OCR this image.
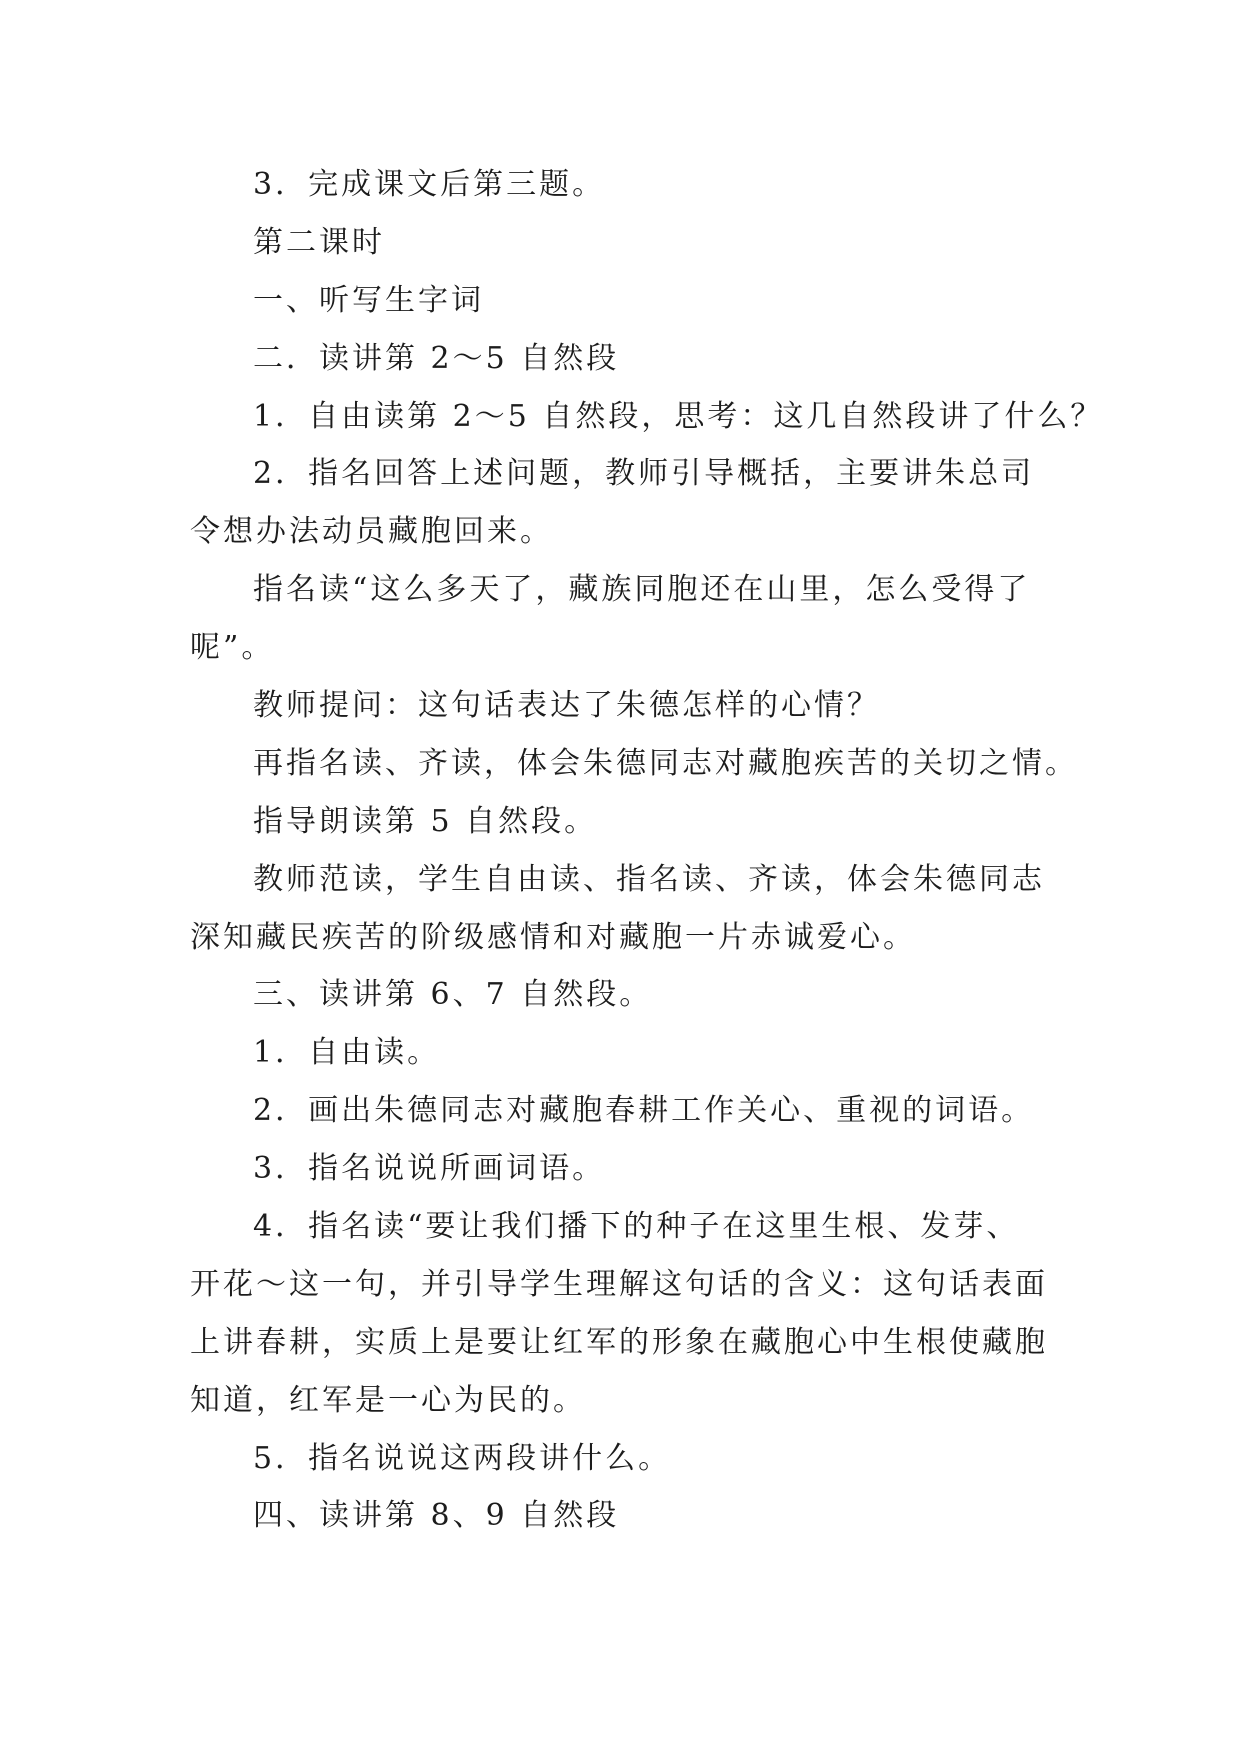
3．完成课文后第三题。
第二课时
一、听写生字词
二．读讲第 2～5 自然段
1．自由读第 2～5 自然段，思考：这几自然段讲了什么？
2．指名回答上述问题，教师引导概括，主要讲朱总司
令想办法动员藏胞回来。
指名读“这么多天了，藏族同胞还在山里，怎么受得了
呢”。
教师提问：这句话表达了朱德怎样的心情？
再指名读、齐读，体会朱德同志对藏胞疾苦的关切之情。
指导朗读第 5 自然段。
教师范读，学生自由读、指名读、齐读，体会朱德同志
深知藏民疾苦的阶级感情和对藏胞一片赤诚爱心。
三、读讲第 6、7 自然段。
1．自由读。
2．画出朱德同志对藏胞春耕工作关心、重视的词语。
3．指名说说所画词语。
4．指名读“要让我们播下的种子在这里生根、发芽、
开花～这一句，并引导学生理解这句话的含义：这句话表面
上讲春耕，实质上是要让红军的形象在藏胞心中生根使藏胞
知道，红军是一心为民的。
5．指名说说这两段讲什么。
四、读讲第 8、9 自然段
